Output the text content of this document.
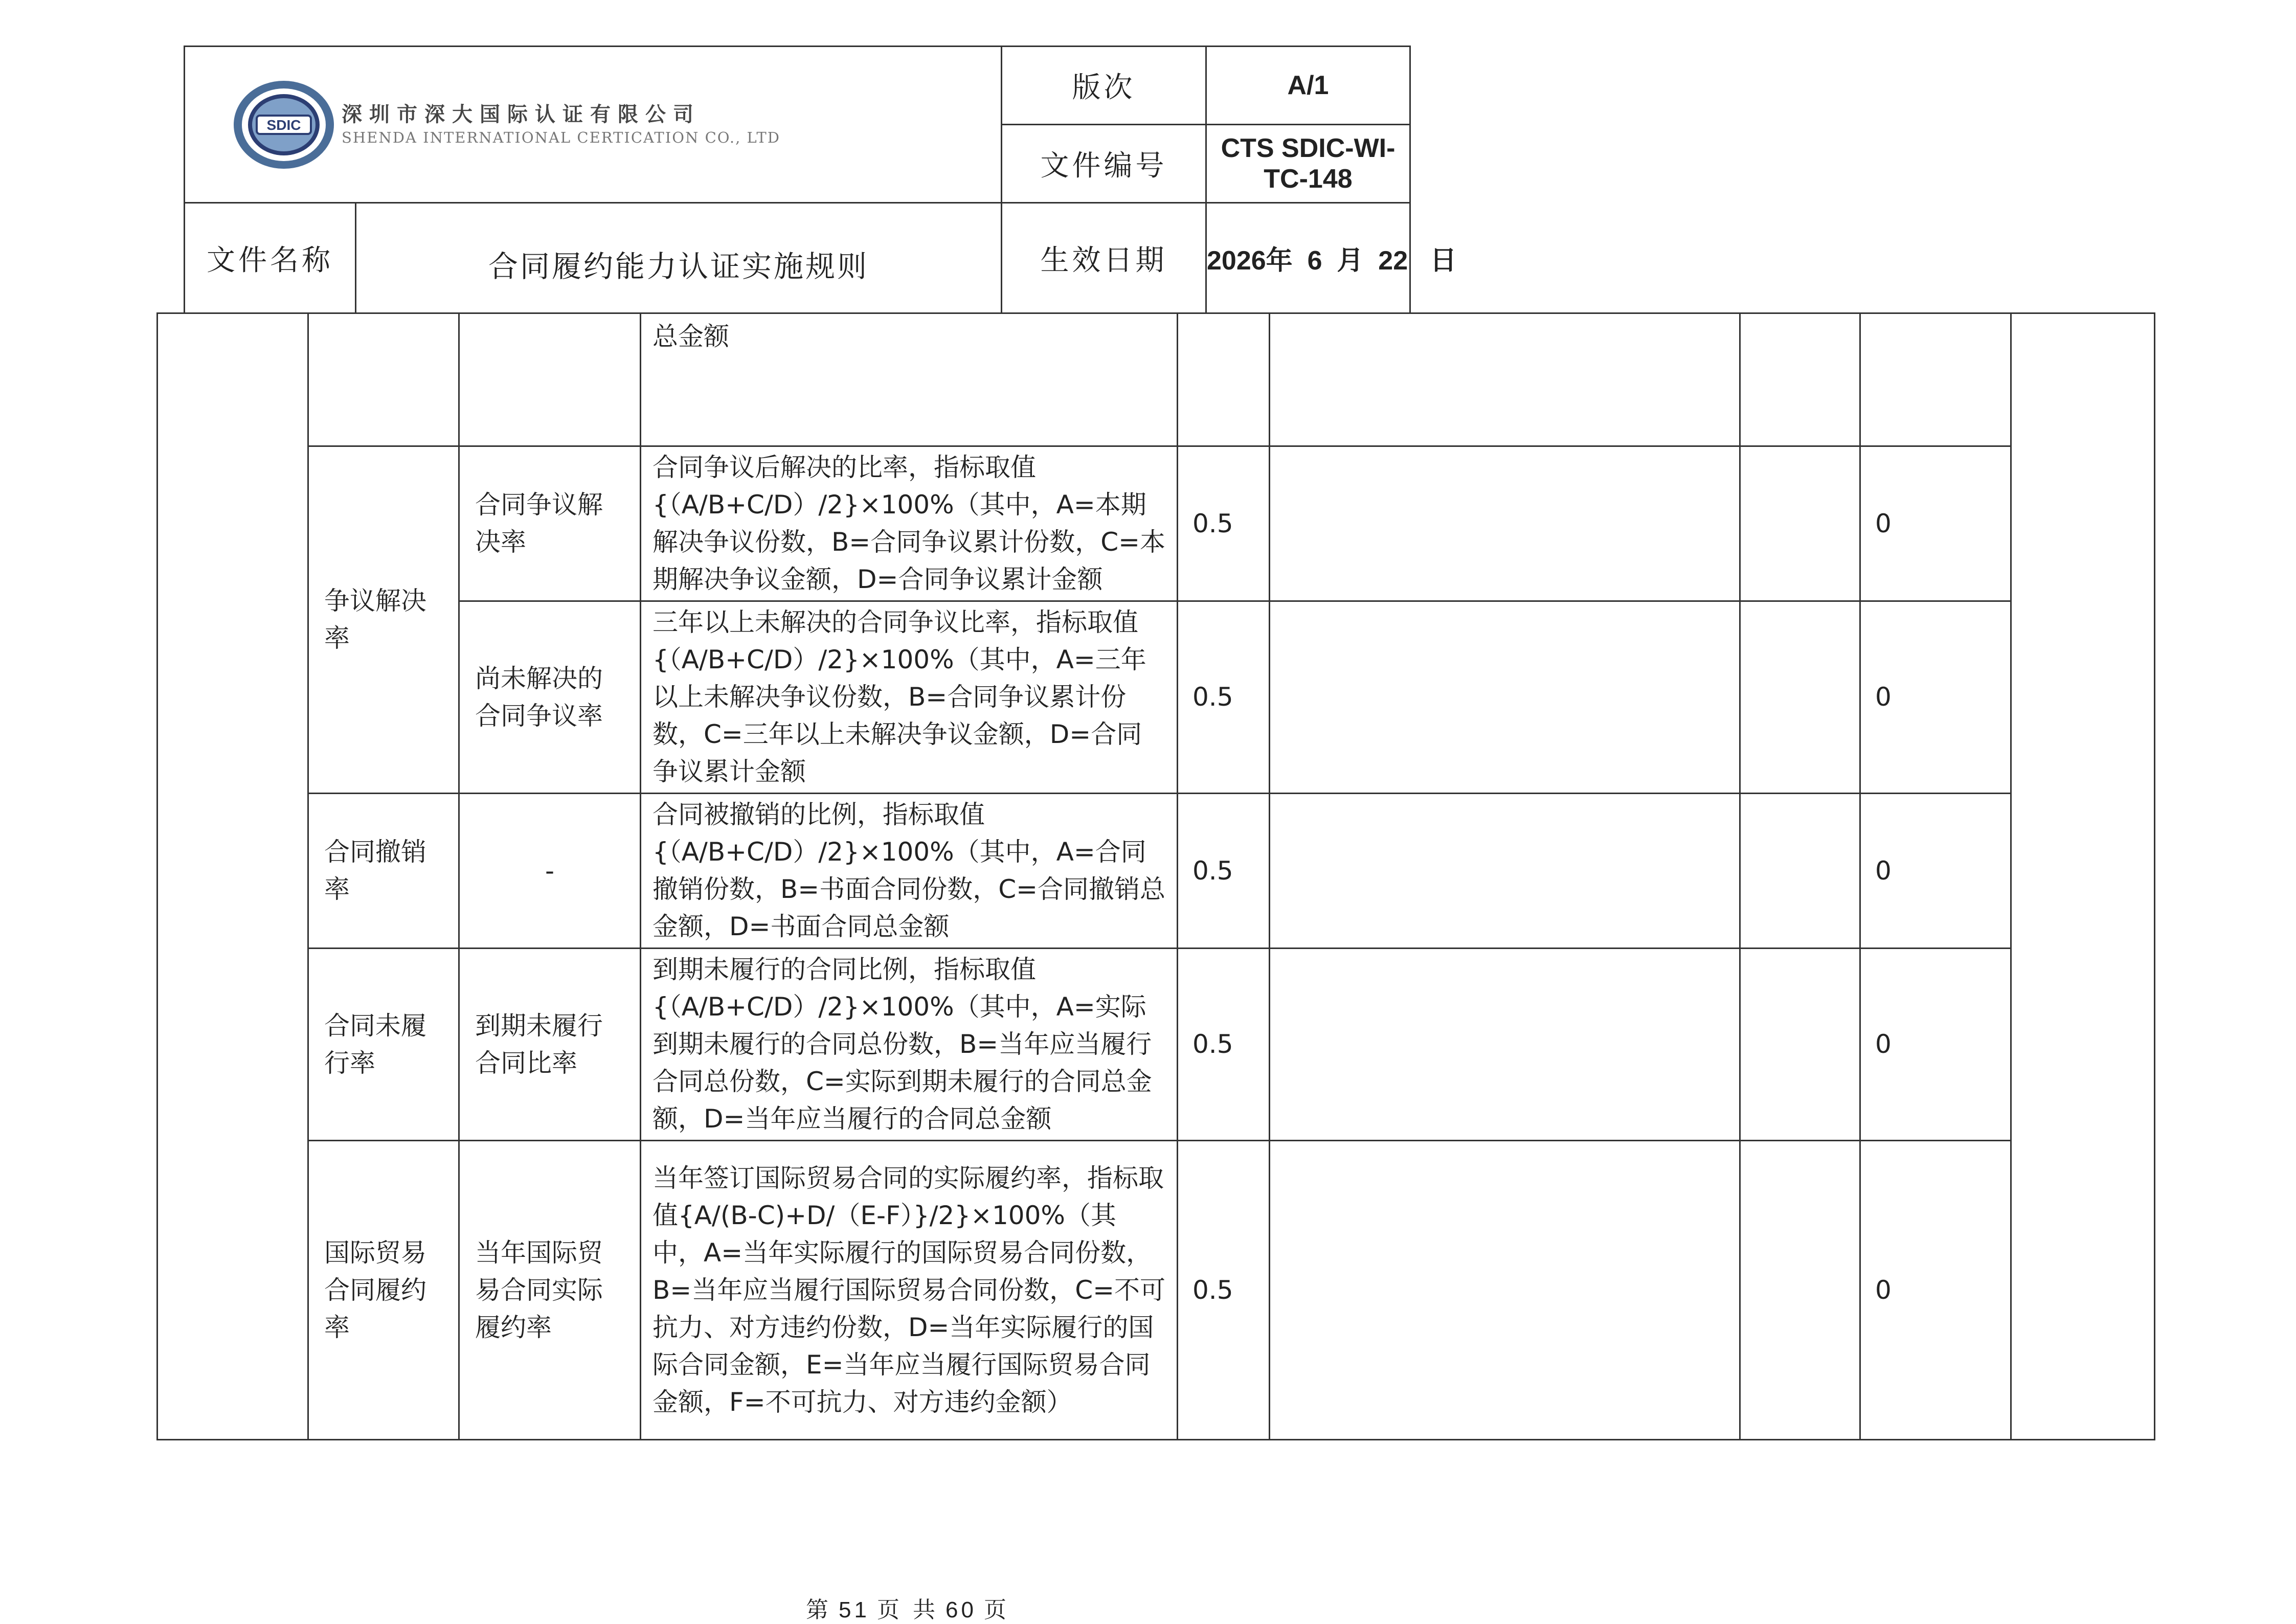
SDIC 深圳市深大国际认证有限公司
SHENDA INTERNATIONAL CERTICATION CO., LTD		版次	A/1
		文件编号	CTS SDIC-WI-TC-148
文件名称	合同履约能力认证实施规则	生效日期	2026年  6  月  22   日
			总金额					
	争议解决率	合同争议解决率	合同争议后解决的比率，指标取值{（A/B+C/D）/2}×100%（其中，A=本期解决争议份数，B=合同争议累计份数，C=本期解决争议金额，D=合同争议累计金额	0.5			0	
		尚未解决的合同争议率	三年以上未解决的合同争议比率，指标取值{（A/B+C/D）/2}×100%（其中，A=三年以上未解决争议份数，B=合同争议累计份数，C=三年以上未解决争议金额，D=合同争议累计金额	0.5			0	
	合同撤销率	-	合同被撤销的比例，指标取值{（A/B+C/D）/2}×100%（其中，A=合同撤销份数，B=书面合同份数，C=合同撤销总金额，D=书面合同总金额	0.5			0	
	合同未履行率	到期未履行合同比率	到期未履行的合同比例，指标取值{（A/B+C/D）/2}×100%（其中，A=实际到期未履行的合同总份数，B=当年应当履行合同总份数，C=实际到期未履行的合同总金额，D=当年应当履行的合同总金额	0.5			0	
	国际贸易合同履约率	当年国际贸易合同实际履约率	当年签订国际贸易合同的实际履约率，指标取值{A/(B-C)+D/（E-F）}/2}×100%（其中，A=当年实际履行的国际贸易合同份数，B=当年应当履行国际贸易合同份数，C=不可抗力、对方违约份数，D=当年实际履行的国际合同金额，E=当年应当履行国际贸易合同金额，F=不可抗力、对方违约金额）	0.5			0	
第 51 页 共 60 页
